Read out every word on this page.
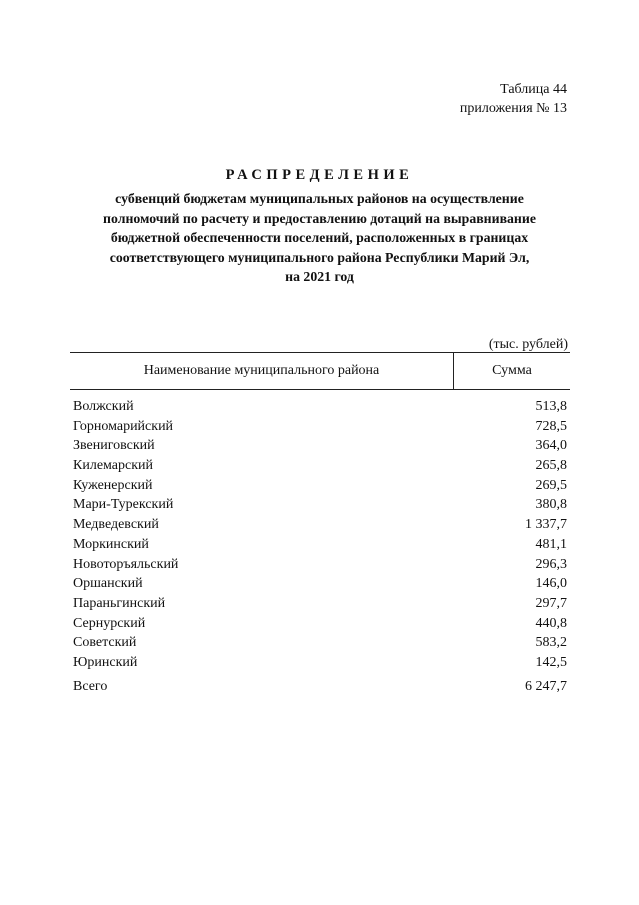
Таблица 44
приложения № 13
РАСПРЕДЕЛЕНИЕ
субвенций бюджетам муниципальных районов на осуществление
полномочий по расчету и предоставлению дотаций на выравнивание
бюджетной обеспеченности поселений, расположенных в границах
соответствующего муниципального района Республики Марий Эл,
на 2021 год
(тыс. рублей)
Наименование муниципального района	Сумма
Волжский	513,8
Горномарийский	728,5
Звениговский	364,0
Килемарский	265,8
Куженерский	269,5
Мари-Турекский	380,8
Медведевский	1 337,7
Моркинский	481,1
Новоторъяльский	296,3
Оршанский	146,0
Параньгинский	297,7
Сернурский	440,8
Советский	583,2
Юринский	142,5
Всего	6 247,7
